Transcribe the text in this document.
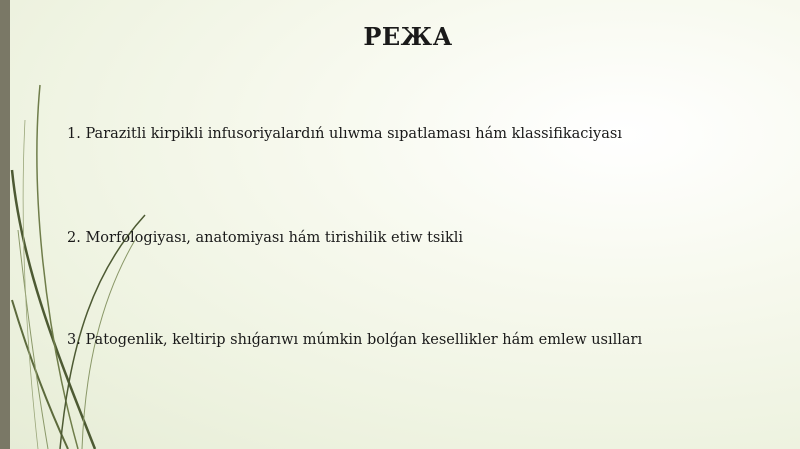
РЕЖА
1. Parazitli kirpikli infusoriyalardıń ulıwma sıpatlaması hám klassifikaciyası
2. Morfologiyası, anatomiyası hám tirishilik etiw tsikli
3. Patogenlik, keltirip shıǵarıwı múmkin bolǵan kesellikler hám emlew usılları
